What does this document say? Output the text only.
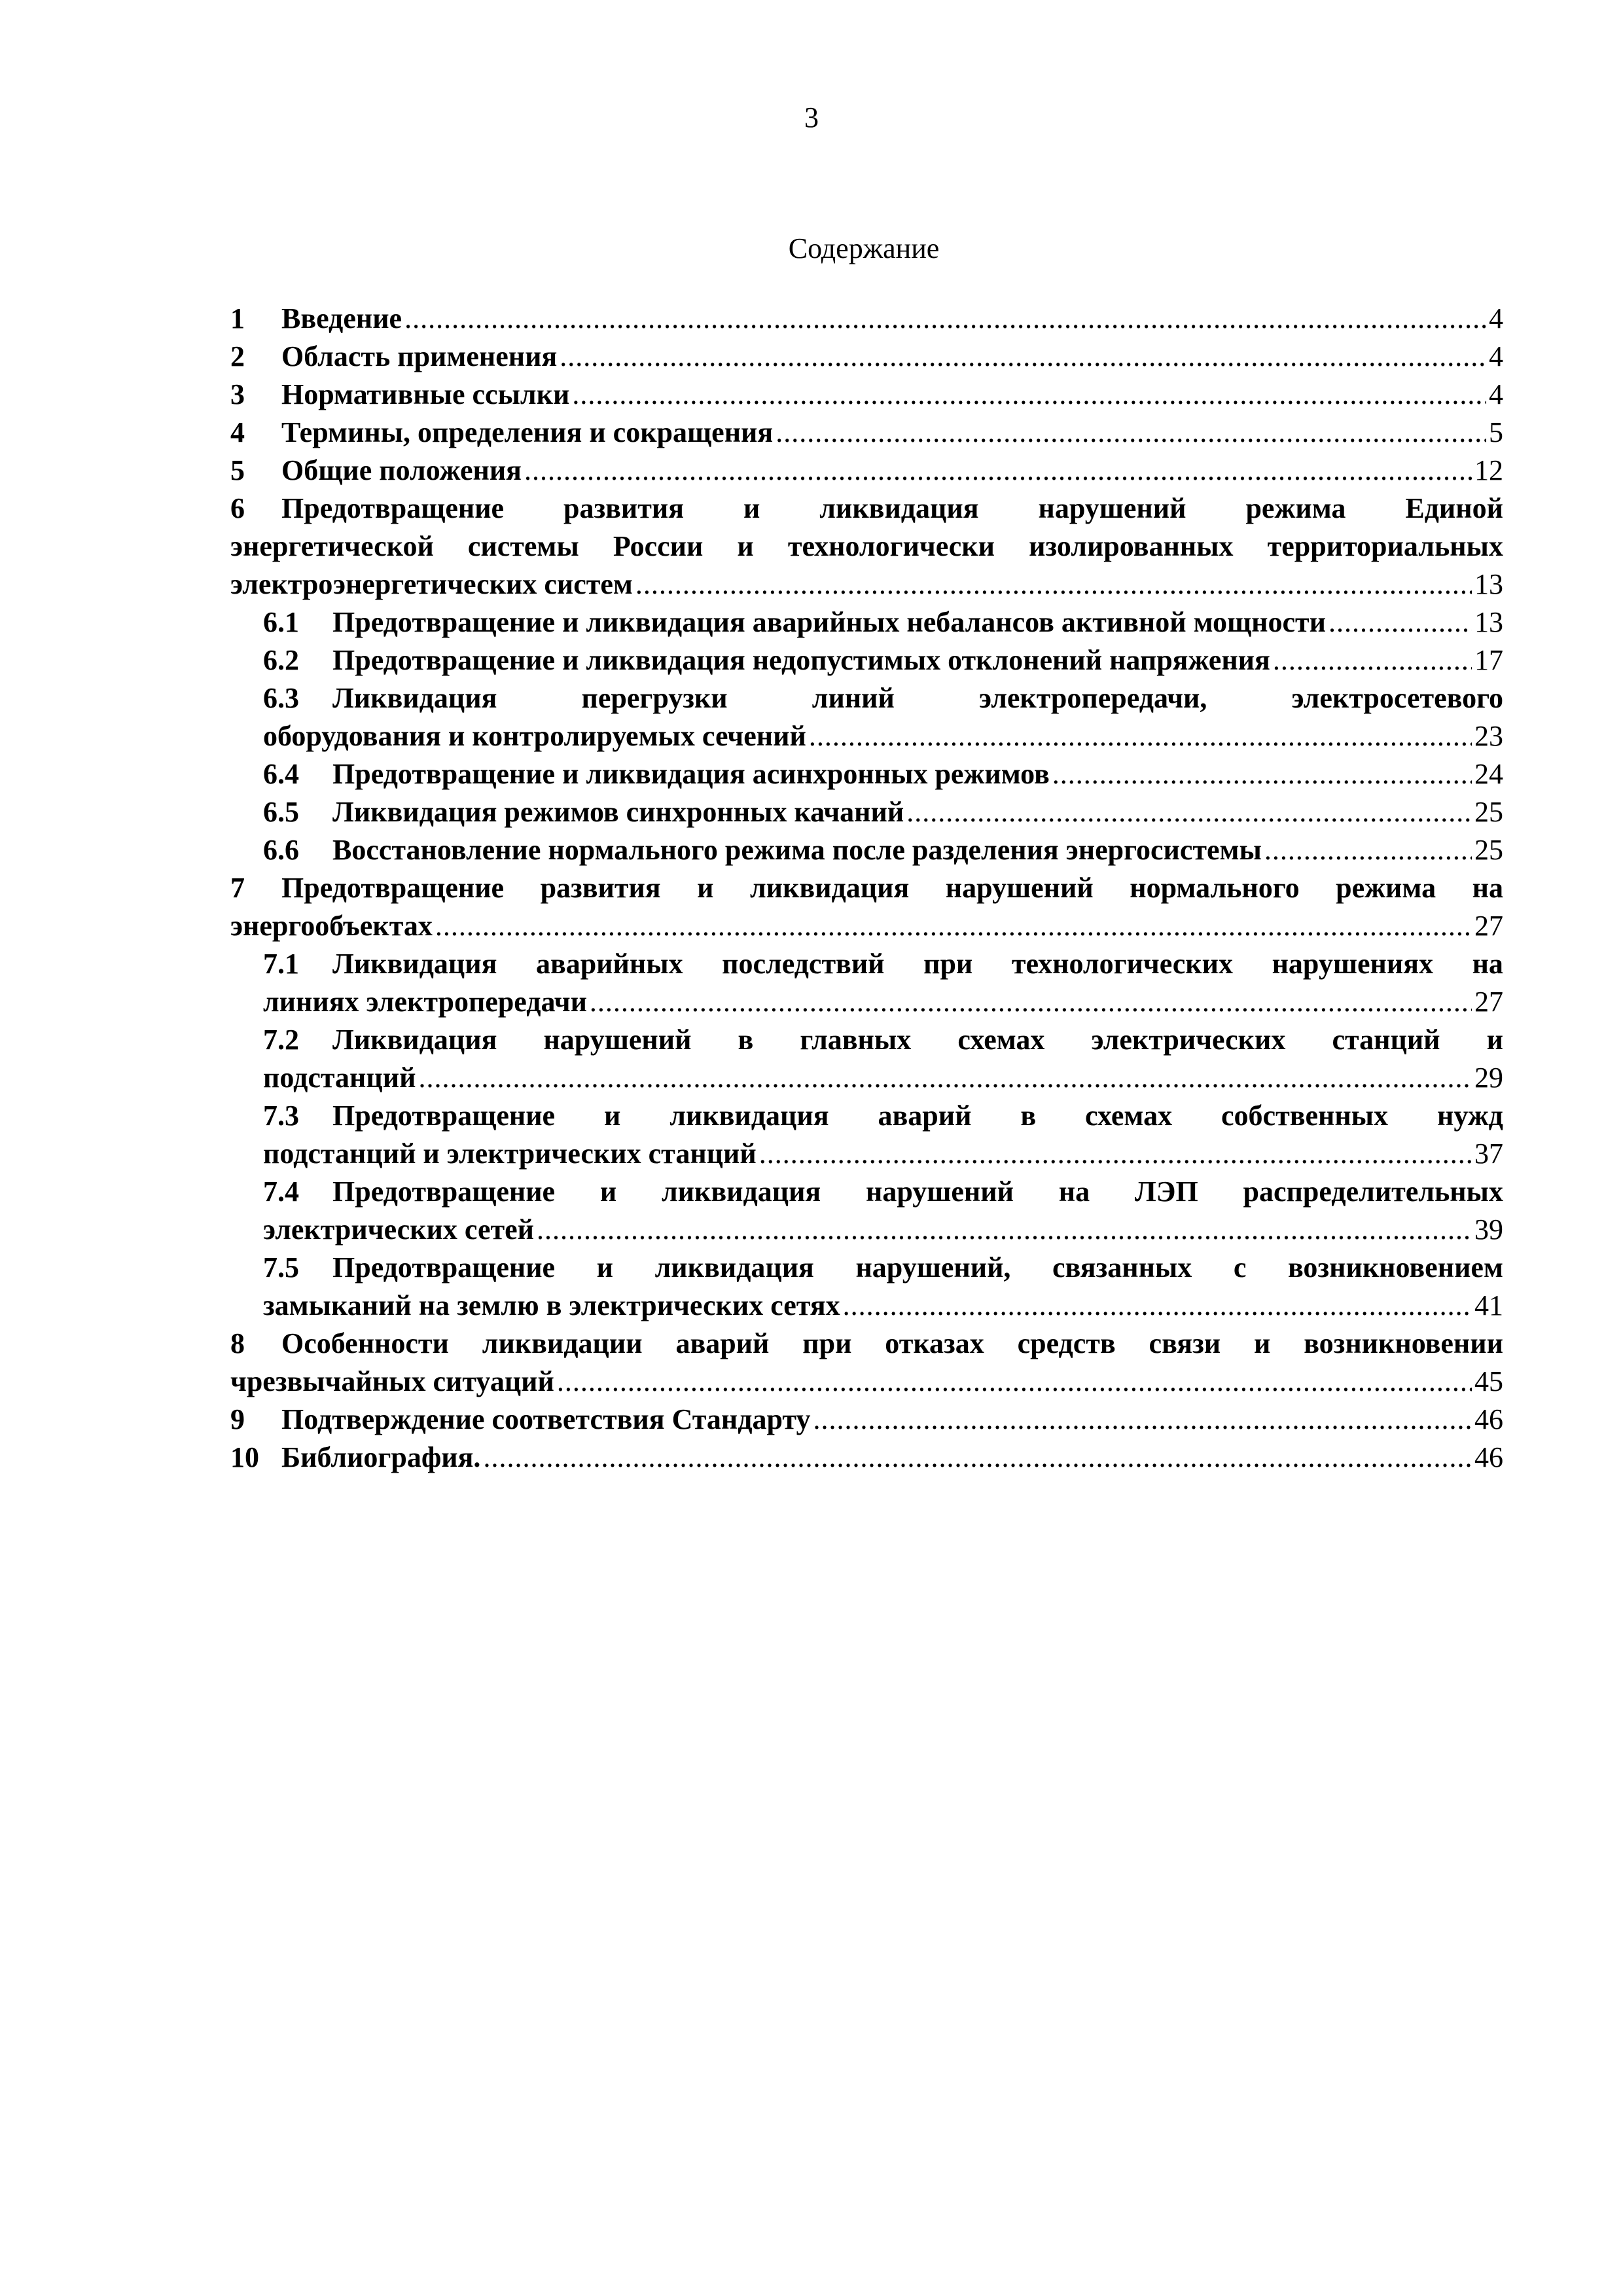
3
Содержание
1	Введение .....	4
2	Область применения .....	4
3	Нормативные ссылки .....	4
4	Термины, определения и сокращения .....	5
5	Общие положения .....	12
6	Предотвращение развития и ликвидация нарушений режима Единой
энергетической системы России и технологически изолированных территориальных
электроэнергетических систем .....	13
6.1	Предотвращение и ликвидация аварийных небалансов активной мощности .....	13
6.2	Предотвращение и ликвидация недопустимых отклонений напряжения .....	17
6.3	Ликвидация	перегрузки	линий	электропередачи,	электросетевого
оборудования и контролируемых сечений .....	23
6.4	Предотвращение и ликвидация асинхронных режимов .....	24
6.5	Ликвидация режимов синхронных качаний .....	25
6.6	Восстановление нормального режима после разделения энергосистемы .....	25
7	Предотвращение развития и ликвидация нарушений нормального режима на
энергообъектах .....	27
7.1	Ликвидация аварийных последствий при технологических нарушениях на
линиях электропередачи .....	27
7.2	Ликвидация нарушений в главных схемах электрических станций и
подстанций .....	29
7.3	Предотвращение и ликвидация аварий в схемах собственных нужд
подстанций и электрических станций .....	37
7.4	Предотвращение и ликвидация нарушений на ЛЭП распределительных
электрических сетей .....	39
7.5	Предотвращение и ликвидация нарушений, связанных с возникновением
замыканий на землю в электрических сетях .....	41
8	Особенности ликвидации аварий при отказах средств связи и возникновении
чрезвычайных ситуаций .....	45
9	Подтверждение соответствия Стандарту .....	46
10 Библиография. .....	46
